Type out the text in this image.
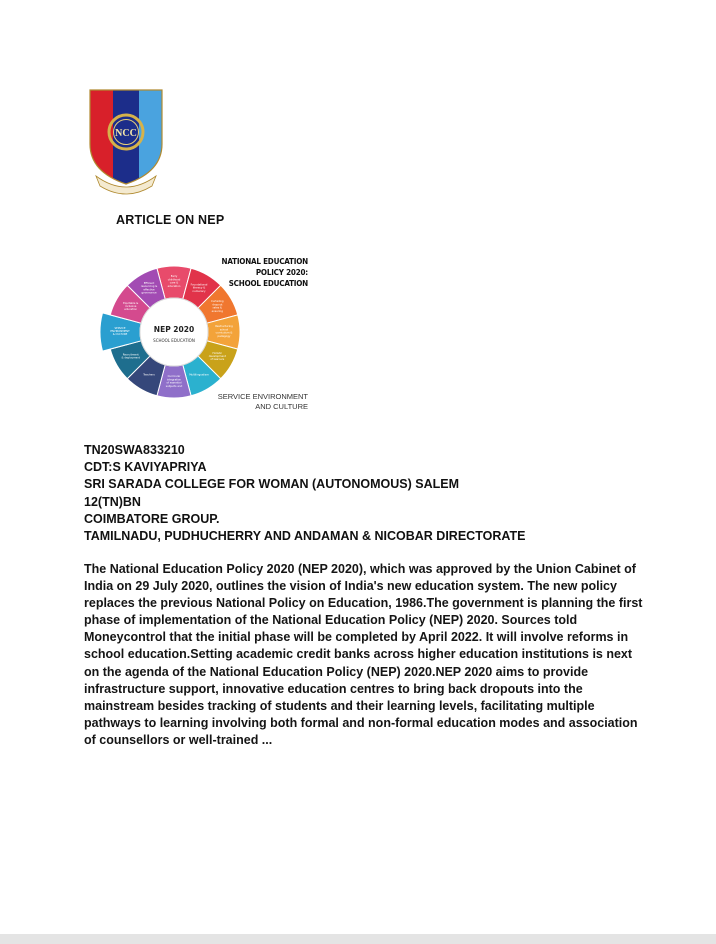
NCC
ARTICLE ON NEP
Early childhood care & education	Foundational literacy & numeracy
Curtailing dropout rates & ensuring
Restructuring school curriculum & pedagogy
Holistic development of learners
Multilingualism
Curricular integration of essential subjects and
Teachers
Recruitment & deployment
SERVICE ENVIRONMENT & CULTURE
Equitable & inclusive education
Efficient resourcing & effective governance
NEP 2020
SCHOOL EDUCATION
NATIONAL EDUCATION
POLICY 2020:
SCHOOL EDUCATION
SERVICE ENVIRONMENT
AND CULTURE
TN20SWA833210
CDT:S KAVIYAPRIYA
SRI SARADA COLLEGE FOR WOMAN (AUTONOMOUS) SALEM
12(TN)BN
COIMBATORE GROUP.
TAMILNADU, PUDHUCHERRY AND ANDAMAN & NICOBAR DIRECTORATE
The National Education Policy 2020 (NEP 2020), which was approved by the Union Cabinet of India on 29 July 2020, outlines the vision of India's new education system. The new policy replaces the previous National Policy on Education, 1986.The government is planning the first phase of implementation of the National Education Policy (NEP) 2020. Sources told Moneycontrol that the initial phase will be completed by April 2022. It will involve reforms in school education.Setting academic credit banks across higher education institutions is next on the agenda of the National Education Policy (NEP) 2020.NEP 2020 aims to provide infrastructure support, innovative education centres to bring back dropouts into the mainstream besides tracking of students and their learning levels, facilitating multiple pathways to learning involving both formal and non-formal education modes and association of counsellors or well-trained ...
